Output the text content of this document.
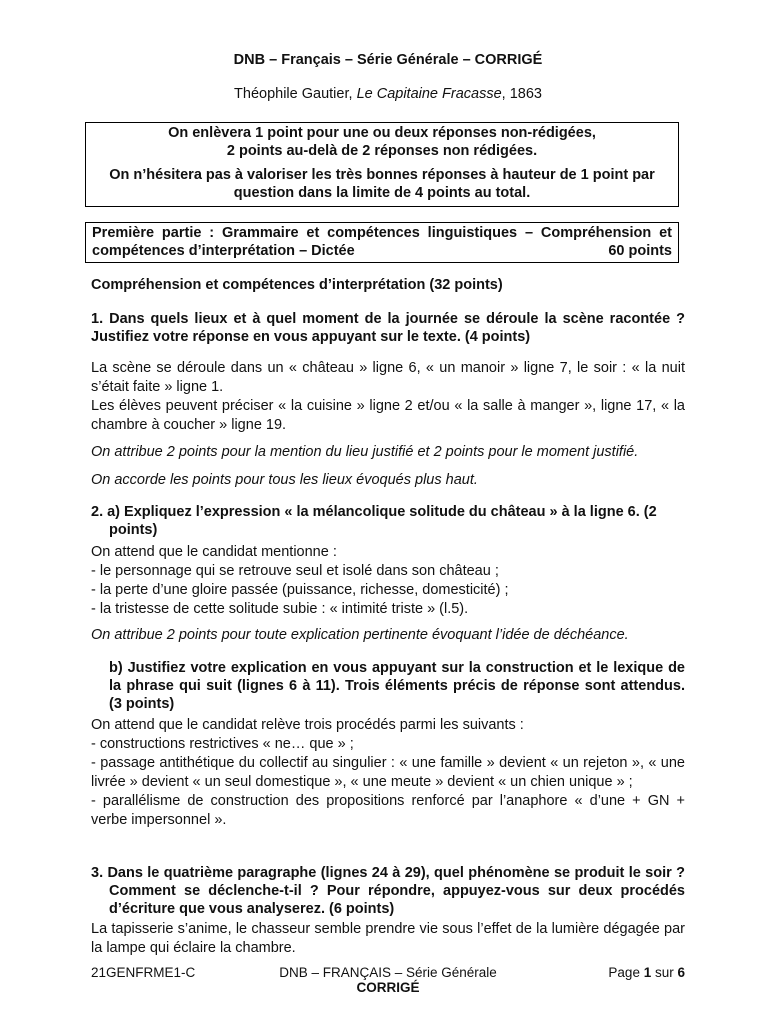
DNB – Français – Série Générale – CORRIGÉ
Théophile Gautier, Le Capitaine Fracasse, 1863

On enlèvera 1 point pour une ou deux réponses non-rédigées,

2 points au-delà de 2 réponses non rédigées.

On n’hésitera pas à valoriser les très bonnes réponses à hauteur de 1 point par question dans la limite de 4 points au total.

Première partie : Grammaire et compétences linguistiques – Compréhension et compétences d’interprétation – Dictée	60 points
Compréhension et compétences d’interprétation (32 points)
1. Dans quels lieux et à quel moment de la journée se déroule la scène racontée ? Justifiez votre réponse en vous appuyant sur le texte. (4 points)
La scène se déroule dans un « château » ligne 6, « un manoir » ligne 7, le soir : « la nuit s’était faite » ligne 1.
Les élèves peuvent préciser « la cuisine » ligne 2 et/ou « la salle à manger », ligne 17, « la chambre à coucher » ligne 19.
On attribue 2 points pour la mention du lieu justifié et 2 points pour le moment justifié.
On accorde les points pour tous les lieux évoqués plus haut.
2. a) Expliquez l’expression « la mélancolique solitude du château » à la ligne 6. (2 points)
On attend que le candidat mentionne :
- le personnage qui se retrouve seul et isolé dans son château ;
- la perte d’une gloire passée (puissance, richesse, domesticité) ;
- la tristesse de cette solitude subie : « intimité triste » (l.5).
On attribue 2 points pour toute explication pertinente évoquant l’idée de déchéance.
b) Justifiez votre explication en vous appuyant sur la construction et le lexique de la phrase qui suit (lignes 6 à 11). Trois éléments précis de réponse sont attendus. (3 points)
On attend que le candidat relève trois procédés parmi les suivants :
- constructions restrictives « ne… que » ;
- passage antithétique du collectif au singulier : « une famille » devient « un rejeton », « une livrée » devient « un seul domestique », « une meute » devient « un chien unique » ;
- parallélisme de construction des propositions renforcé par l’anaphore « d’une + GN + verbe impersonnel ».
3. Dans le quatrième paragraphe (lignes 24 à 29), quel phénomène se produit le soir ? Comment se déclenche-t-il ? Pour répondre, appuyez-vous sur deux procédés d’écriture que vous analyserez. (6 points)
La tapisserie s’anime, le chasseur semble prendre vie sous l’effet de la lumière dégagée par la lampe qui éclaire la chambre.
21GENFRME1-C	DNB – FRANÇAIS – Série Générale	Page 1 sur 6
CORRIGÉ
